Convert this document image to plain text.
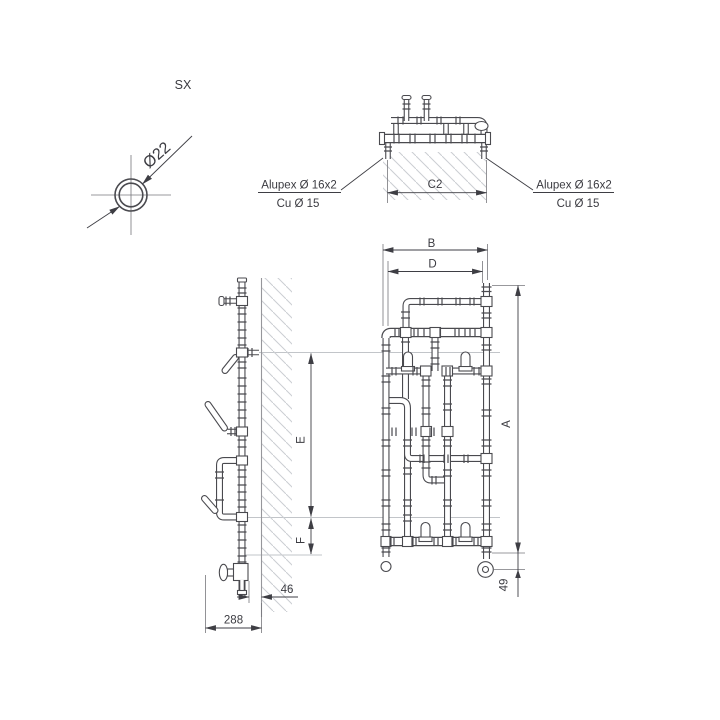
SX
Ø22
C2
Alupex Ø 16x2
Cu Ø 15
Alupex Ø 16x2
Cu Ø 15
E
F
46
288
B
D
A
49
